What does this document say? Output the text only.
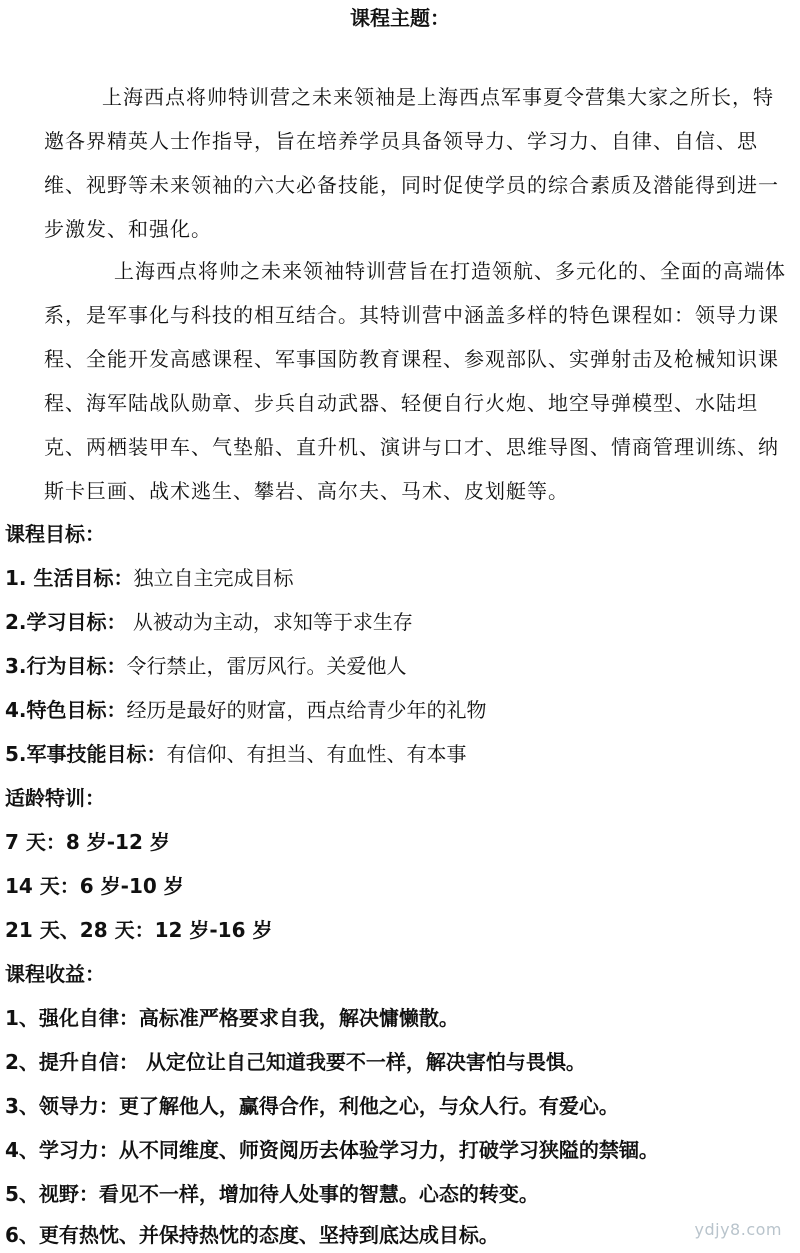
课程主题：
上海西点将帅特训营之未来领袖是上海西点军事夏令营集大家之所长，特邀各界精英人士作指导，旨在培养学员具备领导力、学习力、自律、自信、思维、视野等未来领袖的六大必备技能，同时促使学员的综合素质及潜能得到进一步激发、和强化。
上海西点将帅之未来领袖特训营旨在打造领航、多元化的、全面的高端体系，是军事化与科技的相互结合。其特训营中涵盖多样的特色课程如：领导力课程、全能开发高感课程、军事国防教育课程、参观部队、实弹射击及枪械知识课程、海军陆战队勋章、步兵自动武器、轻便自行火炮、地空导弹模型、水陆坦克、两栖装甲车、气垫船、直升机、演讲与口才、思维导图、情商管理训练、纳斯卡巨画、战术逃生、攀岩、高尔夫、马术、皮划艇等。
课程目标：
1. 生活目标：独立自主完成目标
2.学习目标： 从被动为主动，求知等于求生存
3.行为目标：令行禁止，雷厉风行。关爱他人
4.特色目标：经历是最好的财富，西点给青少年的礼物
5.军事技能目标：有信仰、有担当、有血性、有本事
适龄特训：
7 天：8 岁-12 岁
14 天：6 岁-10 岁
21 天、28 天：12 岁-16 岁
课程收益：
1、强化自律：高标准严格要求自我，解决慵懒散。
2、提升自信： 从定位让自己知道我要不一样，解决害怕与畏惧。
3、领导力：更了解他人，赢得合作，利他之心，与众人行。有爱心。
4、学习力：从不同维度、师资阅历去体验学习力，打破学习狭隘的禁锢。
5、视野：看见不一样，增加待人处事的智慧。心态的转变。
6、更有热忱、并保持热忱的态度、坚持到底达成目标。	ydjy8.com
